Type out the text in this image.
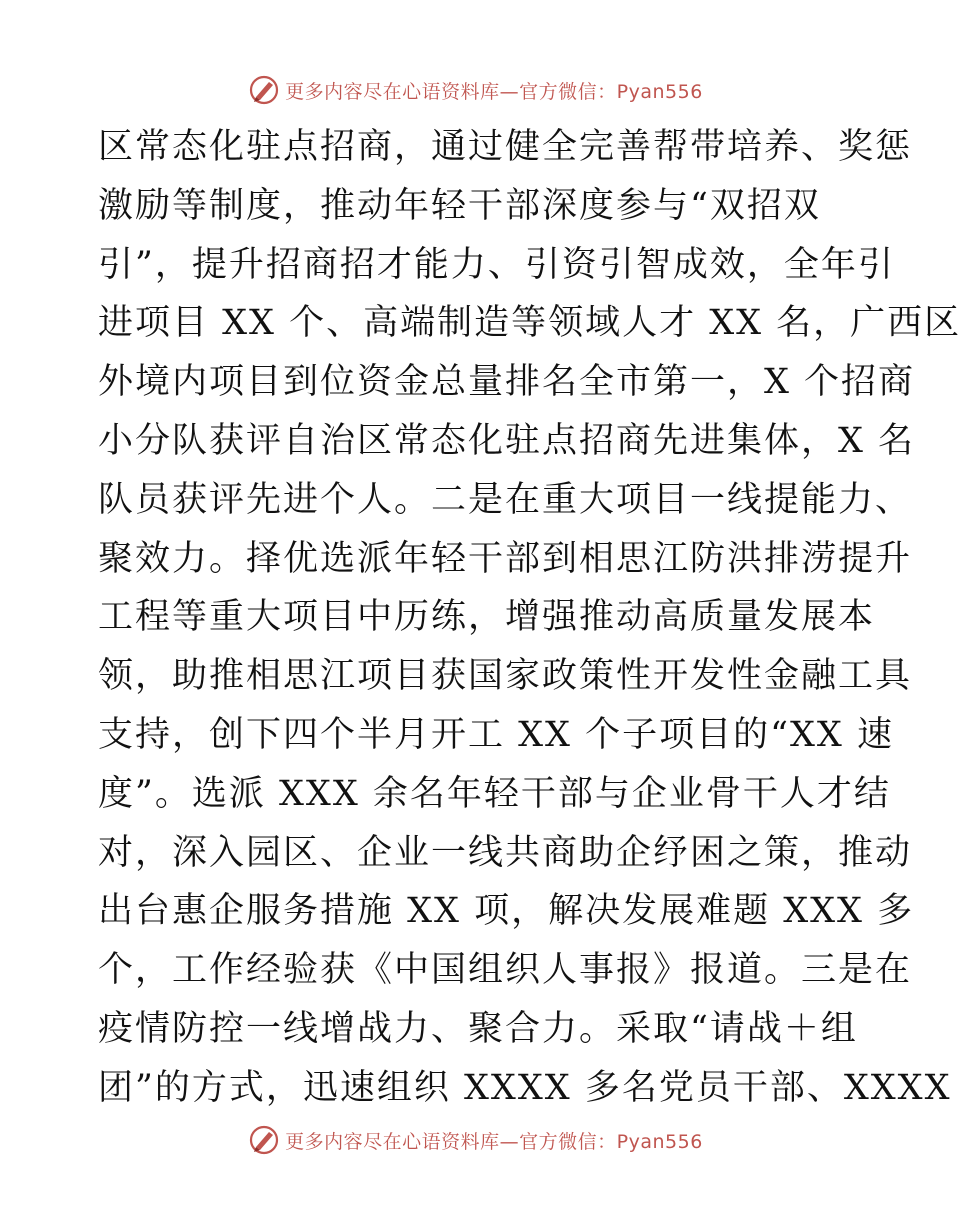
更多内容尽在心语资料库—官方微信：Pyan556
区常态化驻点招商，通过健全完善帮带培养、奖惩
激励等制度，推动年轻干部深度参与“双招双
引”，提升招商招才能力、引资引智成效，全年引
进项目 XX 个、高端制造等领域人才 XX 名，广西区
外境内项目到位资金总量排名全市第一，X 个招商
小分队获评自治区常态化驻点招商先进集体，X 名
队员获评先进个人。二是在重大项目一线提能力、
聚效力。择优选派年轻干部到相思江防洪排涝提升
工程等重大项目中历练，增强推动高质量发展本
领，助推相思江项目获国家政策性开发性金融工具
支持，创下四个半月开工 XX 个子项目的“XX 速
度”。选派 XXX 余名年轻干部与企业骨干人才结
对，深入园区、企业一线共商助企纾困之策，推动
出台惠企服务措施 XX 项，解决发展难题 XXX 多
个，工作经验获《中国组织人事报》报道。三是在
疫情防控一线增战力、聚合力。采取“请战＋组
团”的方式，迅速组织 XXXX 多名党员干部、XXXX
更多内容尽在心语资料库—官方微信：Pyan556
